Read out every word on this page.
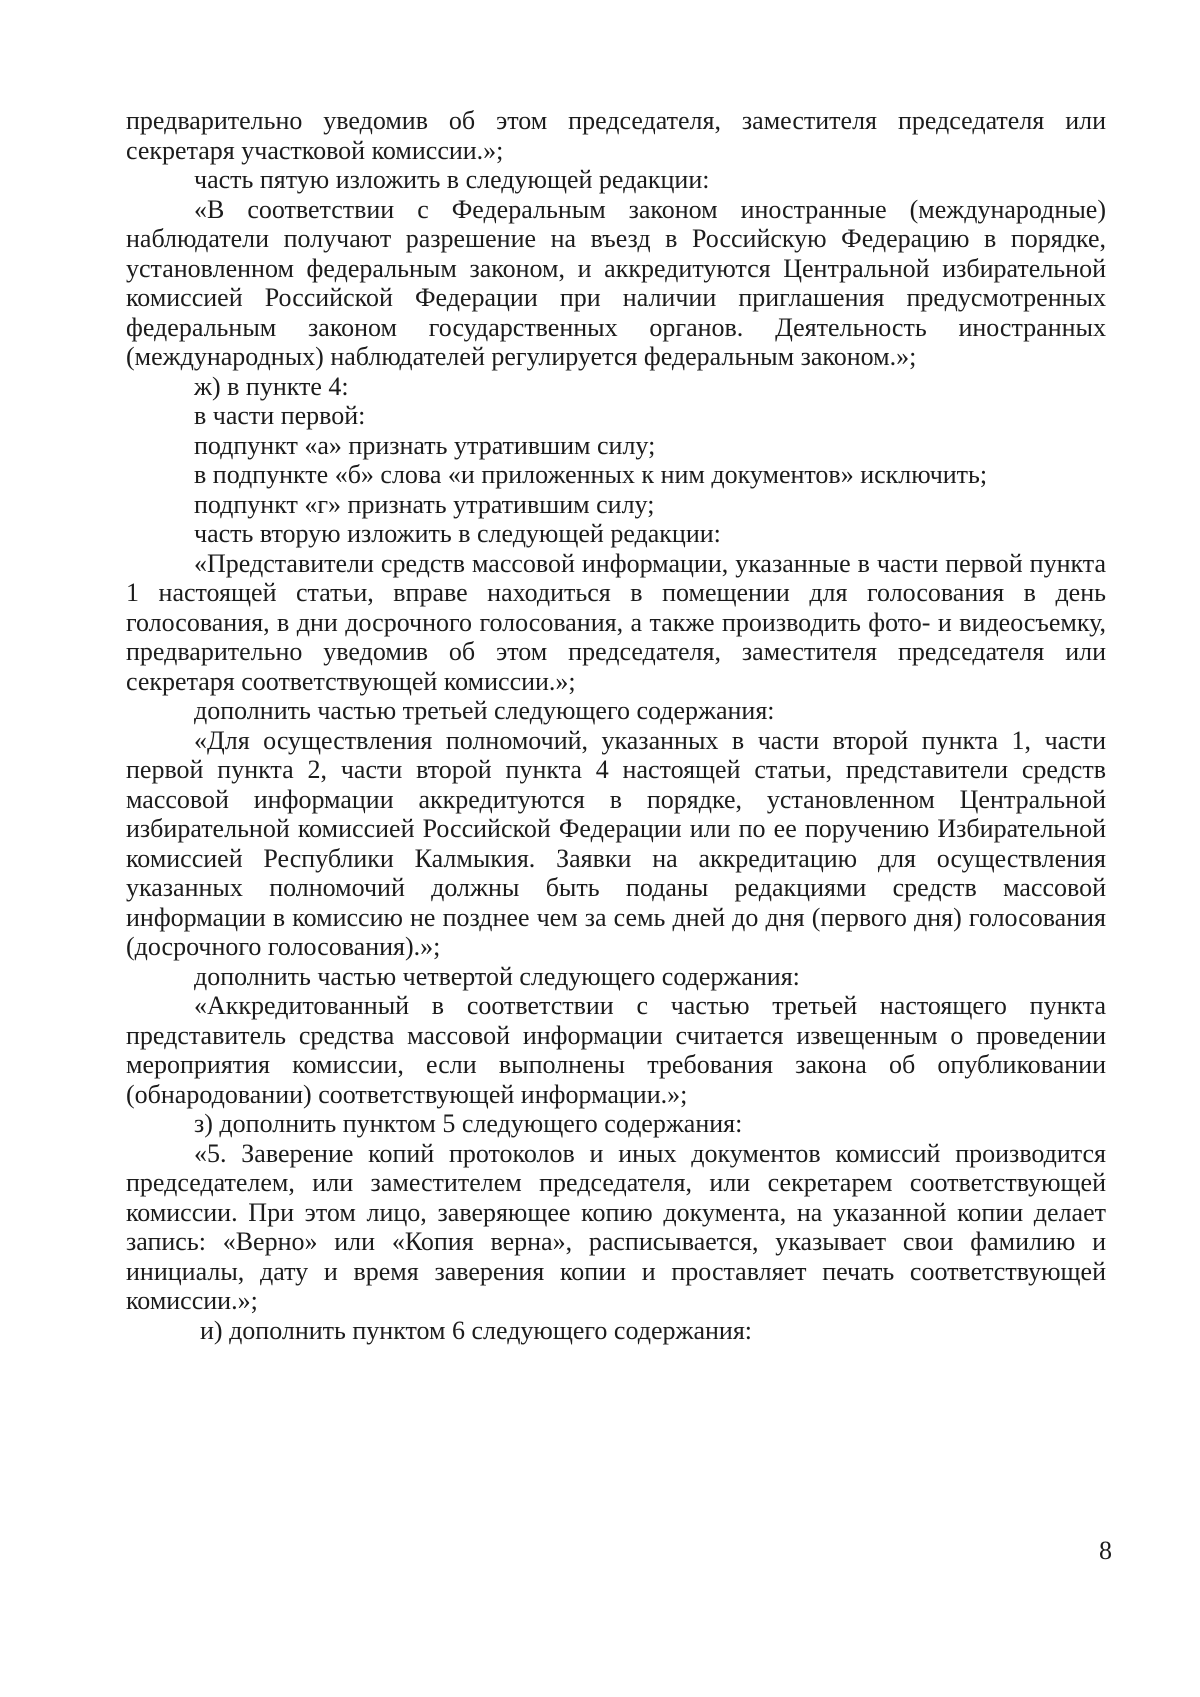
предварительно уведомив об этом председателя, заместителя председателя или секретаря участковой комиссии.»;

часть пятую изложить в следующей редакции:

«В соответствии с Федеральным законом иностранные (международные) наблюдатели получают разрешение на въезд в Российскую Федерацию в порядке, установленном федеральным законом, и аккредитуются Центральной избирательной комиссией Российской Федерации при наличии приглашения предусмотренных федеральным законом государственных органов. Деятельность иностранных (международных) наблюдателей регулируется федеральным законом.»;

ж) в пункте 4:

в части первой:

подпункт «а» признать утратившим силу;

в подпункте «б» слова «и приложенных к ним документов» исключить;

подпункт «г» признать утратившим силу;

часть вторую изложить в следующей редакции:

«Представители средств массовой информации, указанные в части первой пункта 1 настоящей статьи, вправе находиться в помещении для голосования в день голосования, в дни досрочного голосования, а также производить фото- и видеосъемку, предварительно уведомив об этом председателя, заместителя председателя или секретаря соответствующей комиссии.»;

дополнить частью третьей следующего содержания:

«Для осуществления полномочий, указанных в части второй пункта 1, части первой пункта 2, части второй пункта 4 настоящей статьи, представители средств массовой информации аккредитуются в порядке, установленном Центральной избирательной комиссией Российской Федерации или по ее поручению Избирательной комиссией Республики Калмыкия. Заявки на аккредитацию для осуществления указанных полномочий должны быть поданы редакциями средств массовой информации в комиссию не позднее чем за семь дней до дня (первого дня) голосования (досрочного голосования).»;

дополнить частью четвертой следующего содержания:

«Аккредитованный в соответствии с частью третьей настоящего пункта представитель средства массовой информации считается извещенным о проведении мероприятия комиссии, если выполнены требования закона об опубликовании (обнародовании) соответствующей информации.»;

з) дополнить пунктом 5 следующего содержания:

«5. Заверение копий протоколов и иных документов комиссий производится председателем, или заместителем председателя, или секретарем соответствующей комиссии. При этом лицо, заверяющее копию документа, на указанной копии делает запись: «Верно» или «Копия верна», расписывается, указывает свои фамилию и инициалы, дату и время заверения копии и проставляет печать соответствующей комиссии.»;

и) дополнить пунктом 6 следующего содержания:

8
